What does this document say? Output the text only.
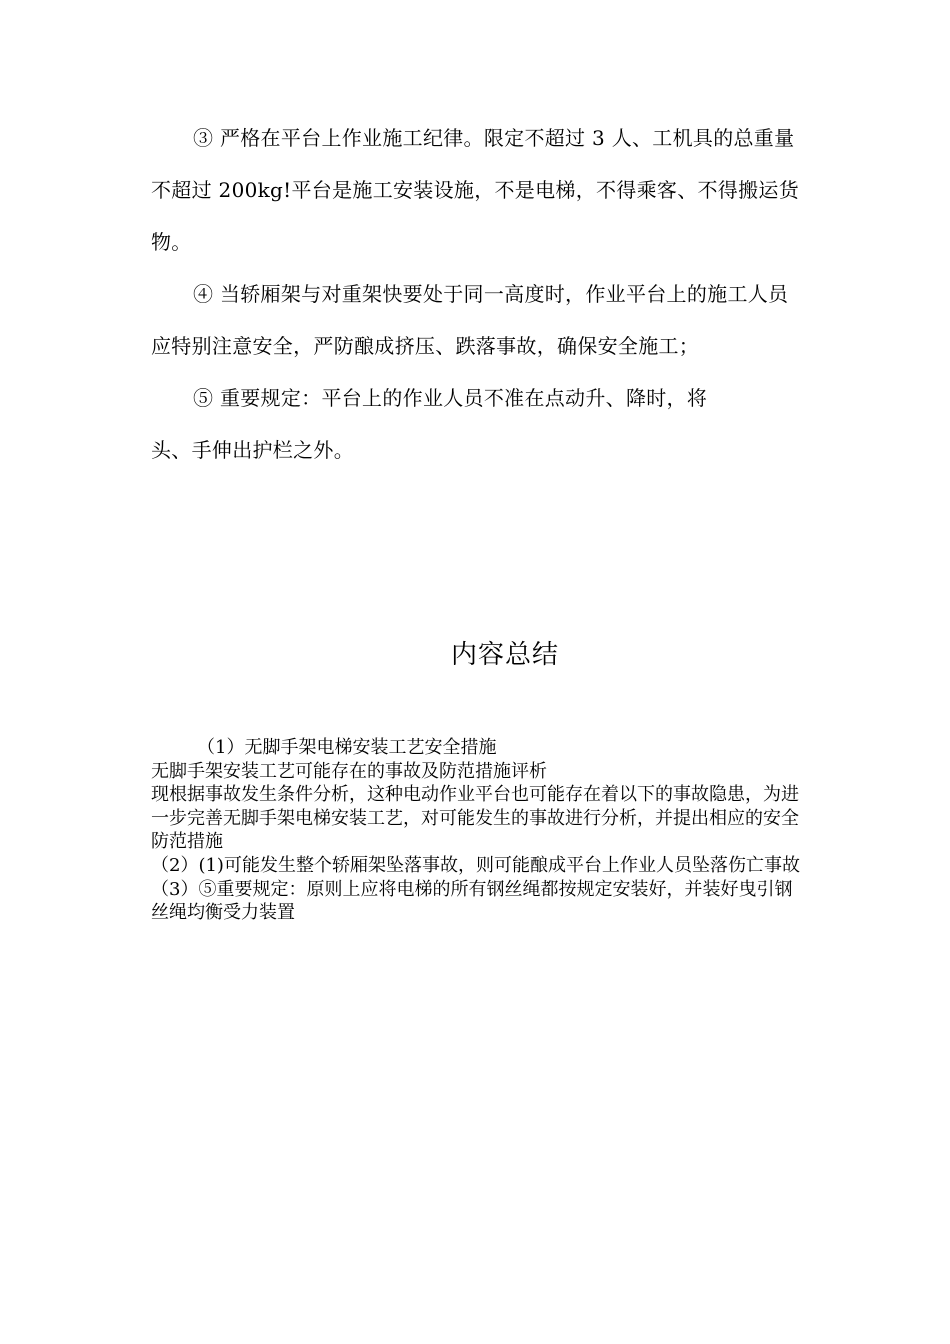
③ 严格在平台上作业施工纪律。限定不超过 3 人、工机具的总重量不超过 200kg!平台是施工安装设施，不是电梯，不得乘客、不得搬运货物。

④ 当轿厢架与对重架快要处于同一高度时，作业平台上的施工人员应特别注意安全，严防酿成挤压、跌落事故，确保安全施工；

⑤ 重要规定：平台上的作业人员不准在点动升、降时，将

头、手伸出护栏之外。

内容总结

（1）无脚手架电梯安装工艺安全措施

无脚手架安装工艺可能存在的事故及防范措施评析

现根据事故发生条件分析，这种电动作业平台也可能存在着以下的事故隐患，为进一步完善无脚手架电梯安装工艺，对可能发生的事故进行分析，并提出相应的安全防范措施

（2）(1)可能发生整个轿厢架坠落事故，则可能酿成平台上作业人员坠落伤亡事故

（3）⑤重要规定：原则上应将电梯的所有钢丝绳都按规定安装好，并装好曳引钢丝绳均衡受力装置
